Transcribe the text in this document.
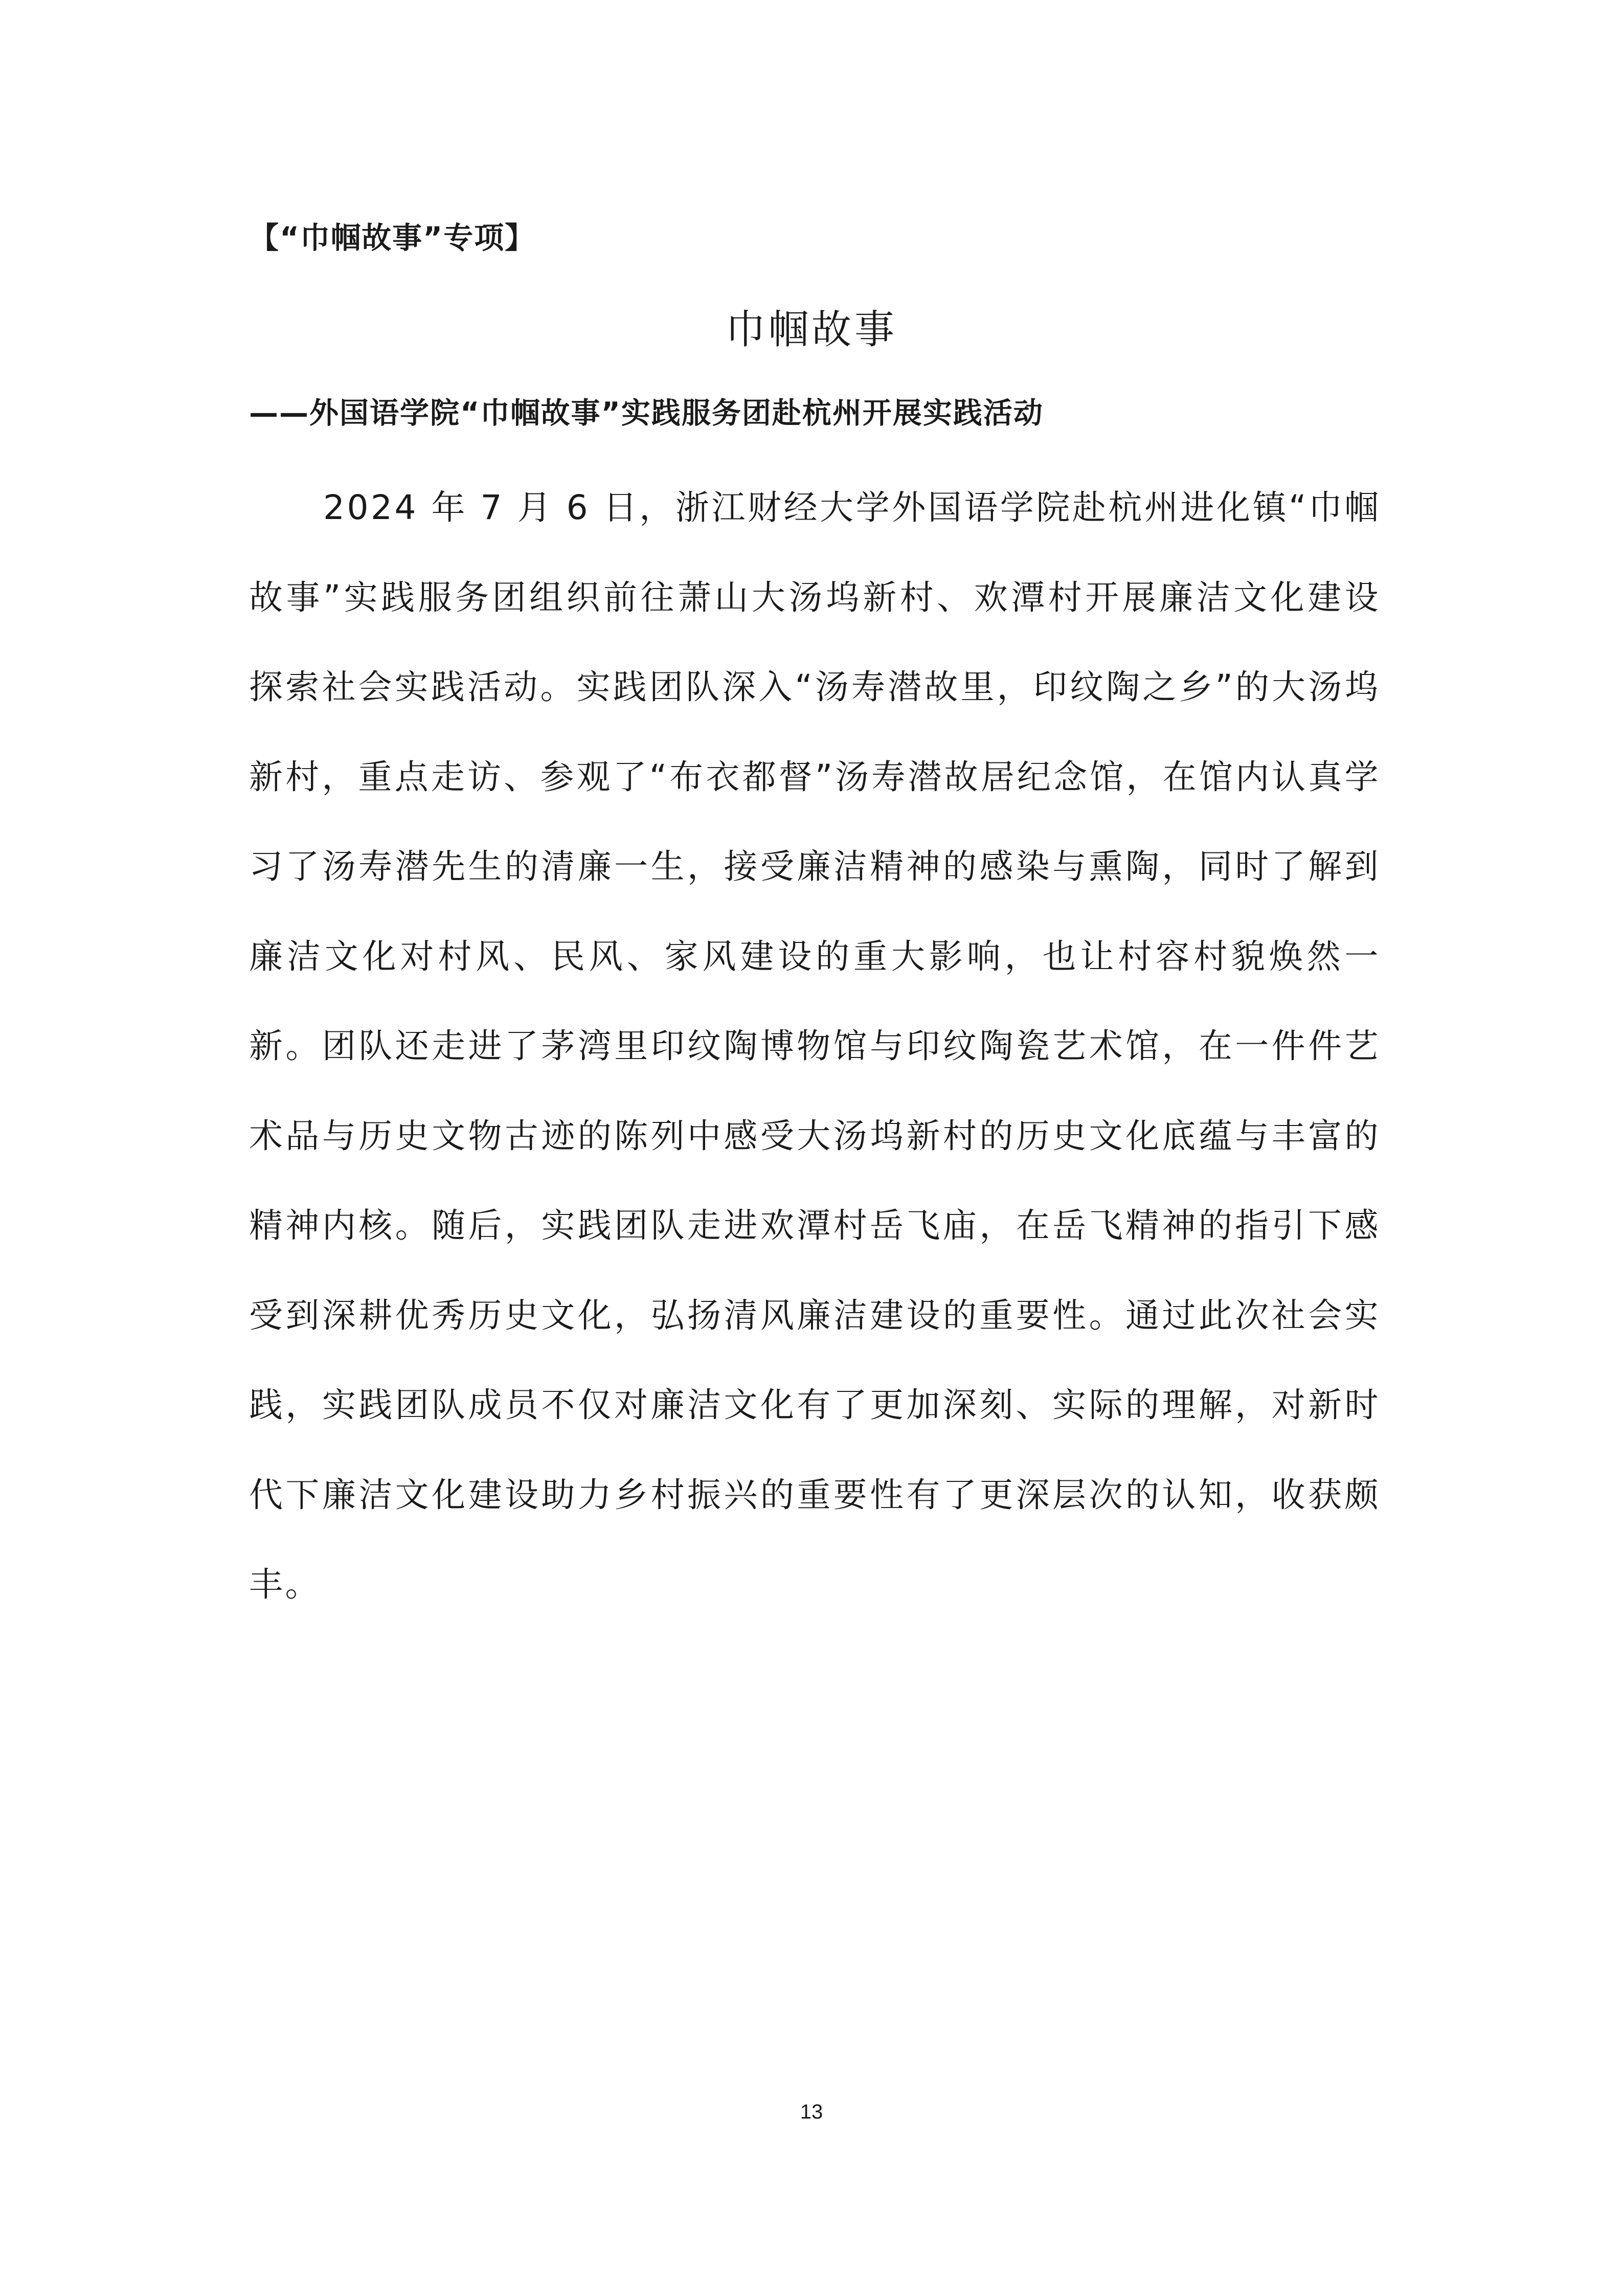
【“巾帼故事”专项】
巾帼故事
——外国语学院“巾帼故事”实践服务团赴杭州开展实践活动

2024 年 7 月 6 日，浙江财经大学外国语学院赴杭州进化镇“巾帼故事”实践服务团组织前往萧山大汤坞新村、欢潭村开展廉洁文化建设探索社会实践活动。实践团队深入“汤寿潜故里，印纹陶之乡”的大汤坞新村，重点走访、参观了“布衣都督”汤寿潜故居纪念馆，在馆内认真学习了汤寿潜先生的清廉一生，接受廉洁精神的感染与熏陶，同时了解到廉洁文化对村风、民风、家风建设的重大影响，也让村容村貌焕然一新。团队还走进了茅湾里印纹陶博物馆与印纹陶瓷艺术馆，在一件件艺术品与历史文物古迹的陈列中感受大汤坞新村的历史文化底蕴与丰富的精神内核。随后，实践团队走进欢潭村岳飞庙，在岳飞精神的指引下感受到深耕优秀历史文化，弘扬清风廉洁建设的重要性。通过此次社会实践，实践团队成员不仅对廉洁文化有了更加深刻、实际的理解，对新时代下廉洁文化建设助力乡村振兴的重要性有了更深层次的认知，收获颇丰。

13
